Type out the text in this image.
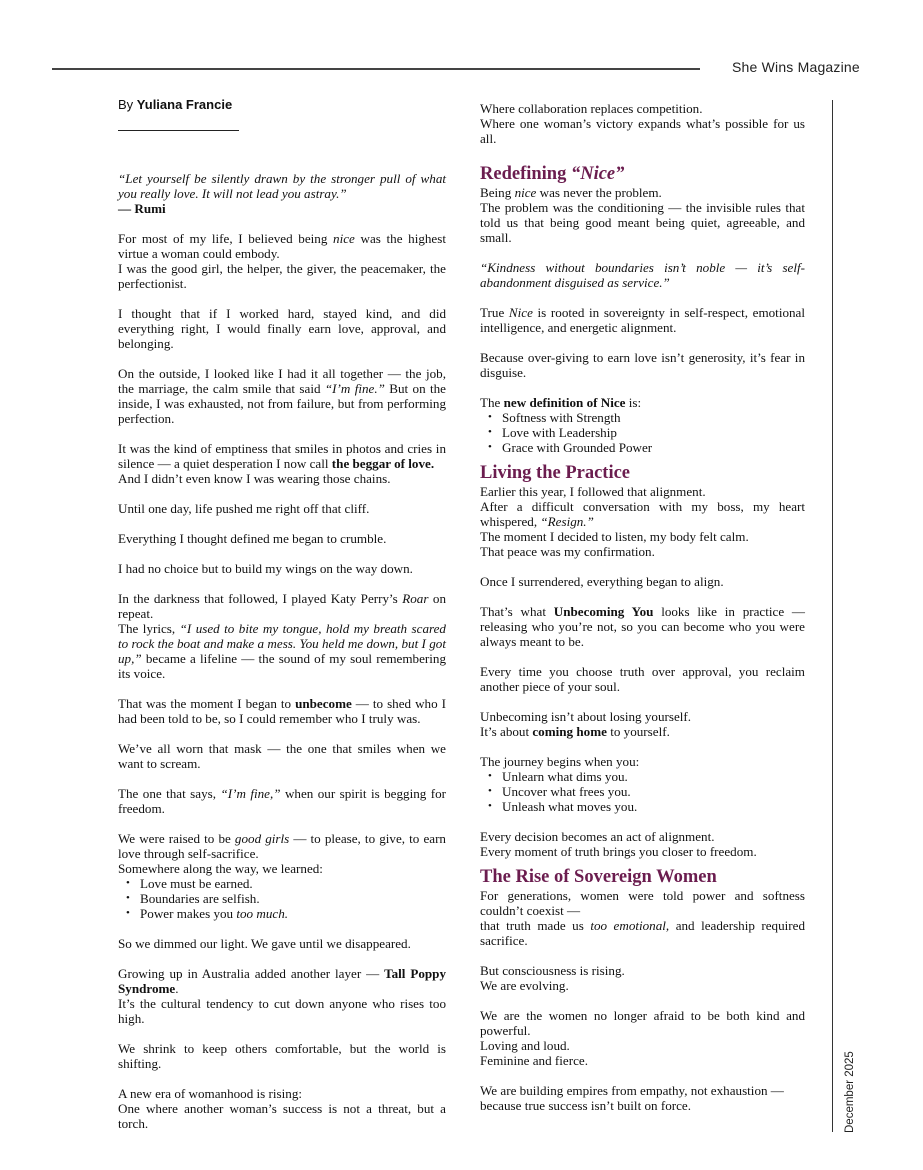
She Wins Magazine
By Yuliana Francie

“Let yourself be silently drawn by the stronger pull of what you really love. It will not lead you astray.”
— Rumi

For most of my life, I believed being nice was the highest virtue a woman could embody.
I was the good girl, the helper, the giver, the peacemaker, the perfectionist.

I thought that if I worked hard, stayed kind, and did everything right, I would finally earn love, approval, and belonging.

On the outside, I looked like I had it all together — the job, the marriage, the calm smile that said “I’m fine.” But on the inside, I was exhausted, not from failure, but from performing perfection.

It was the kind of emptiness that smiles in photos and cries in silence — a quiet desperation I now call the beggar of love.
And I didn’t even know I was wearing those chains.

Until one day, life pushed me right off that cliff.

Everything I thought defined me began to crumble.

I had no choice but to build my wings on the way down.

In the darkness that followed, I played Katy Perry’s Roar on repeat.
The lyrics, “I used to bite my tongue, hold my breath scared to rock the boat and make a mess. You held me down, but I got up,” became a lifeline — the sound of my soul remembering its voice.

That was the moment I began to unbecome — to shed who I had been told to be, so I could remember who I truly was.

We’ve all worn that mask — the one that smiles when we want to scream.

The one that says, “I’m fine,” when our spirit is begging for freedom.

We were raised to be good girls — to please, to give, to earn love through self-sacrifice.
Somewhere along the way, we learned:

• Love must be earned.
• Boundaries are selfish.
• Power makes you too much.

So we dimmed our light. We gave until we disappeared.

Growing up in Australia added another layer — Tall Poppy Syndrome.
It’s the cultural tendency to cut down anyone who rises too high.

We shrink to keep others comfortable, but the world is shifting.

A new era of womanhood is rising:
One where another woman’s success is not a threat, but a torch.

Where collaboration replaces competition.
Where one woman’s victory expands what’s possible for us all.

Redefining “Nice”

Being nice was never the problem.
The problem was the conditioning — the invisible rules that told us that being good meant being quiet, agreeable, and small.

“Kindness without boundaries isn’t noble — it’s self-abandonment disguised as service.”

True Nice is rooted in sovereignty in self-respect, emotional intelligence, and energetic alignment.

Because over-giving to earn love isn’t generosity, it’s fear in disguise.

The new definition of Nice is:

• Softness with Strength
• Love with Leadership
• Grace with Grounded Power
Living the Practice

Earlier this year, I followed that alignment.
After a difficult conversation with my boss, my heart whispered, “Resign.”
The moment I decided to listen, my body felt calm.
That peace was my confirmation.

Once I surrendered, everything began to align.

That’s what Unbecoming You looks like in practice — releasing who you’re not, so you can become who you were always meant to be.

Every time you choose truth over approval, you reclaim another piece of your soul.

Unbecoming isn’t about losing yourself.
It’s about coming home to yourself.

The journey begins when you:

• Unlearn what dims you.
• Uncover what frees you.
• Unleash what moves you.

Every decision becomes an act of alignment.
Every moment of truth brings you closer to freedom.

The Rise of Sovereign Women

For generations, women were told power and softness couldn’t coexist —
that truth made us too emotional, and leadership required sacrifice.

But consciousness is rising.
We are evolving.

We are the women no longer afraid to be both kind and powerful.
Loving and loud.
Feminine and fierce.

We are building empires from empathy, not exhaustion —
because true success isn’t built on force.	December 2025
